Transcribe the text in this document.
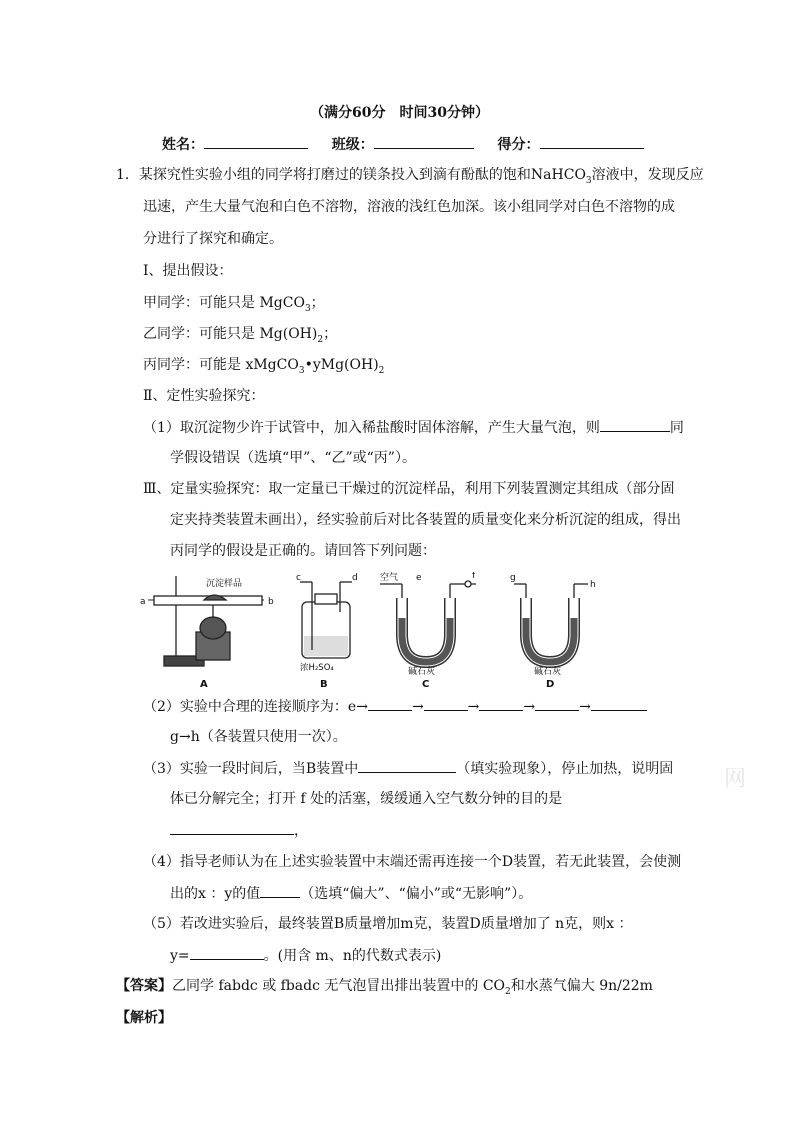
（满分60分　时间30分钟）
姓名：	班级：	得分：
1．某探究性实验小组的同学将打磨过的镁条投入到滴有酚酞的饱和NaHCO$_3$溶液中，发现反应
迅速，产生大量气泡和白色不溶物，溶液的浅红色加深。该小组同学对白色不溶物的成
分进行了探究和确定。
Ⅰ、提出假设：
甲同学：可能只是 MgCO$_3$；
乙同学：可能只是 $Mg(OH)_2$；
丙同学：可能是 $xMgCO_3•yMg(OH)_2$
Ⅱ、定性实验探究：
（1）取沉淀物少许于试管中，加入稀盐酸时固体溶解，产生大量气泡，则	同
学假设错误（选填“甲”、“乙”或“丙”）。
Ⅲ、定量实验探究：取一定量已干燥过的沉淀样品，利用下列装置测定其组成（部分固
定夹持类装置未画出），经实验前后对比各装置的质量变化来分析沉淀的组成，得出
丙同学的假设是正确的。请回答下列问题：
a	b
沉淀样品
A
c	d
浓H₂SO₄
B
空气 e	f
碱石灰
C
g
h
碱石灰
D
（2）实验中合理的连接顺序为：e→	→	→	→	→
g→h（各装置只使用一次）。
（3）实验一段时间后，当B装置中	（填实验现象），停止加热，说明固
体已分解完全；打开 f 处的活塞，缓缓通入空气数分钟的目的是
，
（4）指导老师认为在上述实验装置中末端还需再连接一个D装置，若无此装置，会使测
出的x ：y的值	（选填“偏大”、“偏小”或“无影响”）。
（5）若改进实验后，最终装置B质量增加m克，装置D质量增加了 n克，则x ：
y=	。(用含 m、n的代数式表示)
【答案】乙同学 fabdc 或 fbadc 无气泡冒出排出装置中的 $CO_2$和水蒸气偏大 9n/22m
【解析】
网
